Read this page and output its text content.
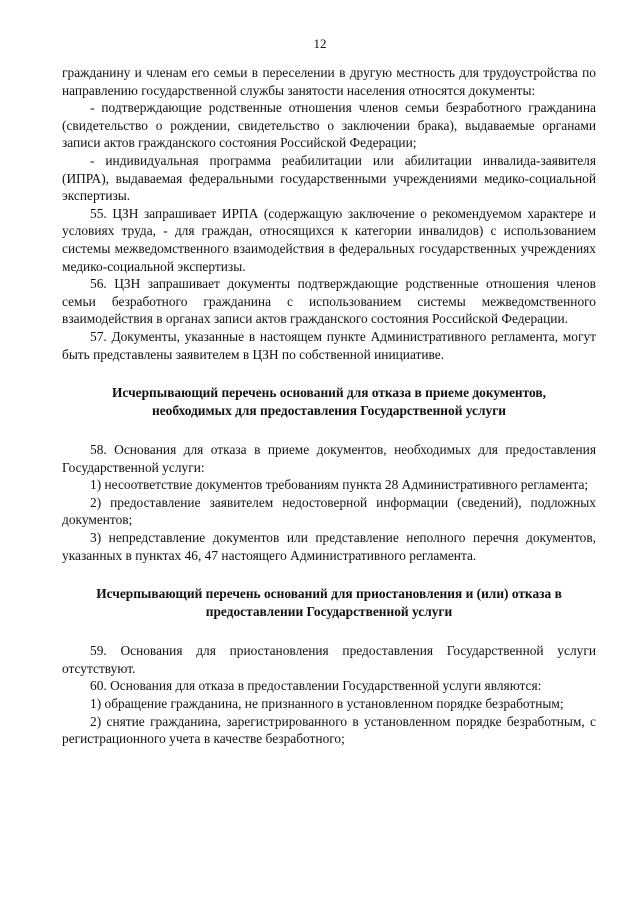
12

гражданину и членам его семьи в переселении в другую местность для трудоустройства по направлению государственной службы занятости населения относятся документы:

- подтверждающие родственные отношения членов семьи безработного гражданина (свидетельство о рождении, свидетельство о заключении брака), выдаваемые органами записи актов гражданского состояния Российской Федерации;

- индивидуальная программа реабилитации или абилитации инвалида-заявителя (ИПРА), выдаваемая федеральными государственными учреждениями медико-социальной экспертизы.

55. ЦЗН запрашивает ИРПА (содержащую заключение о рекомендуемом характере и условиях труда, - для граждан, относящихся к категории инвалидов) с использованием системы межведомственного взаимодействия в федеральных государственных учреждениях медико-социальной экспертизы.

56. ЦЗН запрашивает документы подтверждающие родственные отношения членов семьи безработного гражданина с использованием системы межведомственного взаимодействия в органах записи актов гражданского состояния Российской Федерации.

57. Документы, указанные в настоящем пункте Административного регламента, могут быть представлены заявителем в ЦЗН по собственной инициативе.

Исчерпывающий перечень оснований для отказа в приеме документов, необходимых для предоставления Государственной услуги

58. Основания для отказа в приеме документов, необходимых для предоставления Государственной услуги:

1) несоответствие документов требованиям пункта 28 Административного регламента;

2) предоставление заявителем недостоверной информации (сведений), подложных документов;

3) непредставление документов или представление неполного перечня документов, указанных в пунктах 46, 47 настоящего Административного регламента.

Исчерпывающий перечень оснований для приостановления и (или) отказа в предоставлении Государственной услуги

59. Основания для приостановления предоставления Государственной услуги отсутствуют.

60. Основания для отказа в предоставлении Государственной услуги являются:

1) обращение гражданина, не признанного в установленном порядке безработным;

2) снятие гражданина, зарегистрированного в установленном порядке безработным, с регистрационного учета в качестве безработного;
